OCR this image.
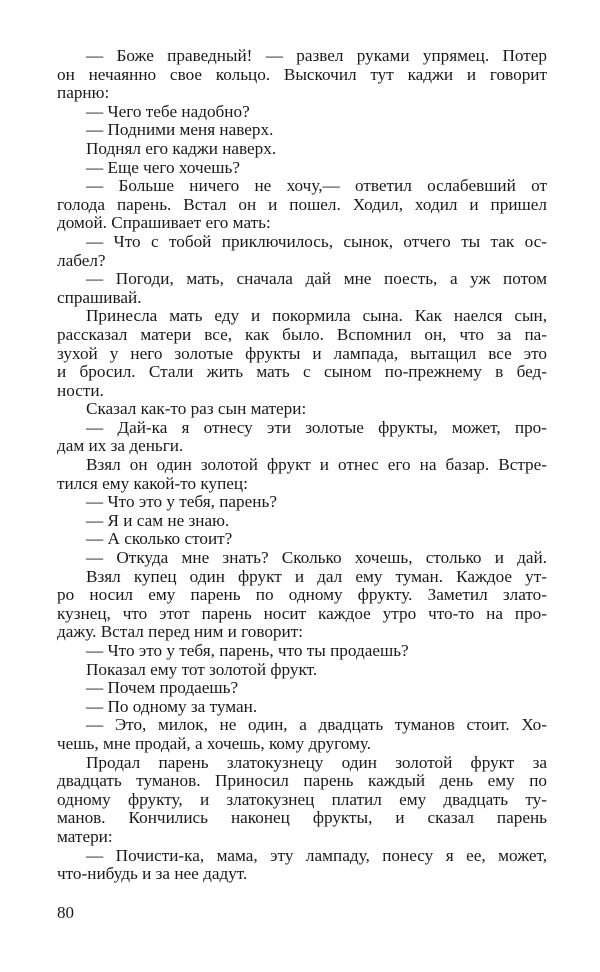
— Боже праведный! — развел руками упрямец. Потер
он нечаянно свое кольцо. Выскочил тут каджи и говорит
парню:
— Чего тебе надобно?
— Подними меня наверх.
Поднял его каджи наверх.
— Еще чего хочешь?
— Больше ничего не хочу,— ответил ослабевший от
голода парень. Встал он и пошел. Ходил, ходил и пришел
домой. Спрашивает его мать:
— Что с тобой приключилось, сынок, отчего ты так ос-
лабел?
— Погоди, мать, сначала дай мне поесть, а уж потом
спрашивай.
Принесла мать еду и покормила сына. Как наелся сын,
рассказал матери все, как было. Вспомнил он, что за па-
зухой у него золотые фрукты и лампада, вытащил все это
и бросил. Стали жить мать с сыном по-прежнему в бед-
ности.
Сказал как-то раз сын матери:
— Дай-ка я отнесу эти золотые фрукты, может, про-
дам их за деньги.
Взял он один золотой фрукт и отнес его на базар. Встре-
тился ему какой-то купец:
— Что это у тебя, парень?
— Я и сам не знаю.
— А сколько стоит?
— Откуда мне знать? Сколько хочешь, столько и дай.
Взял купец один фрукт и дал ему туман. Каждое ут-
ро носил ему парень по одному фрукту. Заметил злато-
кузнец, что этот парень носит каждое утро что-то на про-
дажу. Встал перед ним и говорит:
— Что это у тебя, парень, что ты продаешь?
Показал ему тот золотой фрукт.
— Почем продаешь?
— По одному за туман.
— Это, милок, не один, а двадцать туманов стоит. Хо-
чешь, мне продай, а хочешь, кому другому.
Продал парень златокузнецу один золотой фрукт за
двадцать туманов. Приносил парень каждый день ему по
одному фрукту, и златокузнец платил ему двадцать ту-
манов. Кончились наконец фрукты, и сказал парень
матери:
— Почисти-ка, мама, эту лампаду, понесу я ее, может,
что-нибудь и за нее дадут.
80
